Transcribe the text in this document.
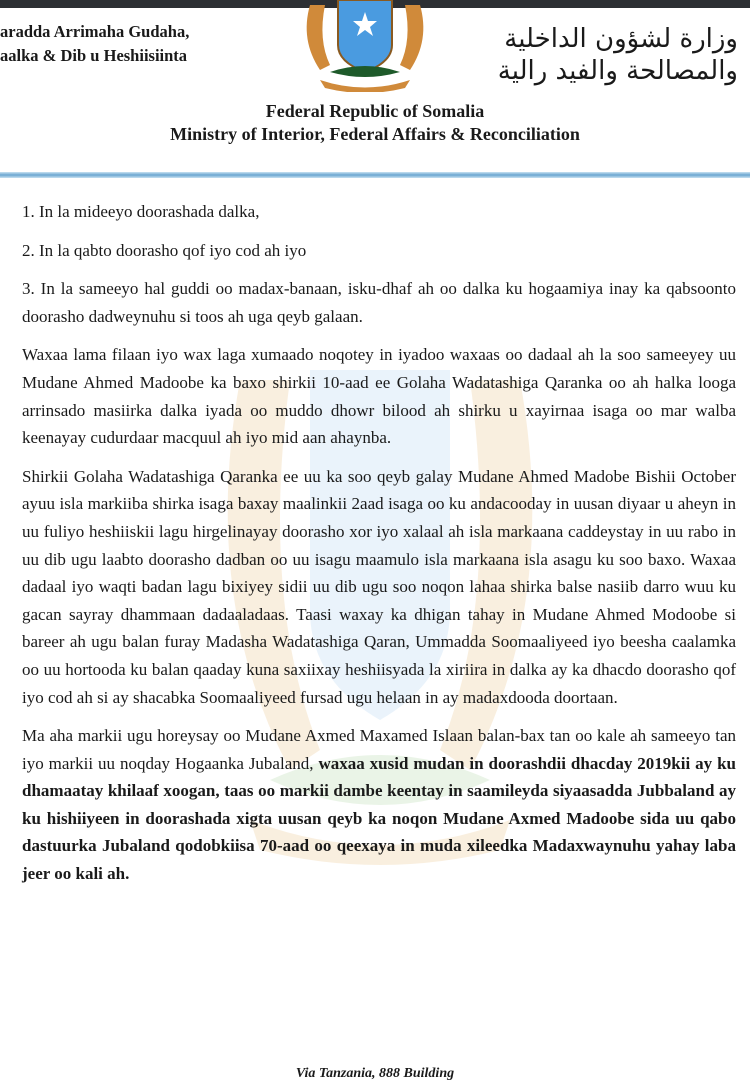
aradda Arrimaha Gudaha,
aalka & Dib u Heshiisiinta
وزارة لشؤون الداخلية
والمصالحة والفيد رالية
Federal Republic of Somalia
Ministry of Interior, Federal Affairs & Reconciliation

1. In la mideeyo doorashada dalka,

2. In la qabto doorasho qof iyo cod ah iyo

3. In la sameeyo hal guddi oo madax-banaan, isku-dhaf ah oo dalka ku hogaamiya inay ka qabsoonto doorasho dadweynuhu si toos ah uga qeyb galaan.

Waxaa lama filaan iyo wax laga xumaado noqotey in iyadoo waxaas oo dadaal ah la soo sameeyey uu Mudane Ahmed Madoobe ka baxo shirkii 10-aad ee Golaha Wadatashiga Qaranka oo ah halka looga arrinsado masiirka dalka iyada oo muddo dhowr bilood ah shirku u xayirnaa isaga oo mar walba keenayay cudurdaar macquul ah iyo mid aan ahaynba.

Shirkii Golaha Wadatashiga Qaranka ee uu ka soo qeyb galay Mudane Ahmed Madobe Bishii October ayuu isla markiiba shirka isaga baxay maalinkii 2aad isaga oo ku andacooday in uusan diyaar u aheyn in uu fuliyo heshiiskii lagu hirgelinayay doorasho xor iyo xalaal ah isla markaana caddeystay in uu rabo in uu dib ugu laabto doorasho dadban oo uu isagu maamulo isla markaana isla asagu ku soo baxo. Waxaa dadaal iyo waqti badan lagu bixiyey sidii uu dib ugu soo noqon lahaa shirka balse nasiib darro wuu ku gacan sayray dhammaan dadaaladaas. Taasi waxay ka dhigan tahay in Mudane Ahmed Modoobe si bareer ah ugu balan furay Madasha Wadatashiga Qaran, Ummadda Soomaaliyeed iyo beesha caalamka oo uu hortooda ku balan qaaday kuna saxiixay heshiisyada la xiriira in dalka ay ka dhacdo doorasho qof iyo cod ah si ay shacabka Soomaaliyeed fursad ugu helaan in ay madaxdooda doortaan.

Ma aha markii ugu horeysay oo Mudane Axmed Maxamed Islaan balan-bax tan oo kale ah sameeyo tan iyo markii uu noqday Hogaanka Jubaland, waxaa xusid mudan in doorashdii dhacday 2019kii ay ku dhamaatay khilaaf xoogan, taas oo markii dambe keentay in saamileyda siyaasadda Jubbaland ay ku hishiiyeen in doorashada xigta uusan qeyb ka noqon Mudane Axmed Madoobe sida uu qabo dastuurka Jubaland qodobkiisa 70-aad oo qeexaya in muda xileedka Madaxwaynuhu yahay laba jeer oo kali ah.

Via Tanzania, 888 Building
